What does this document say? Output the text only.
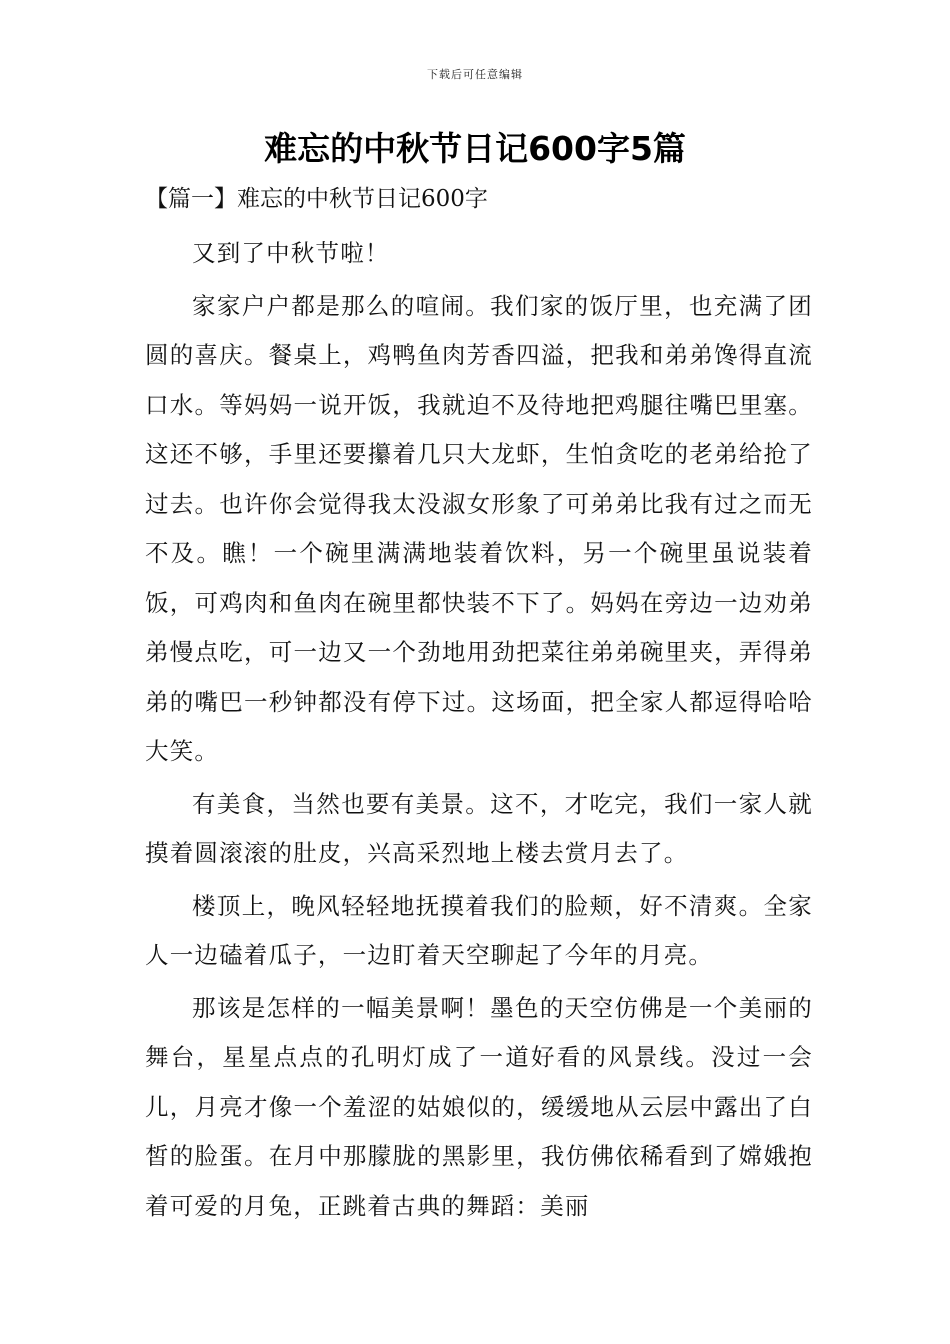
下载后可任意编辑
难忘的中秋节日记600字5篇
【篇一】难忘的中秋节日记600字

又到了中秋节啦！

家家户户都是那么的喧闹。我们家的饭厅里，也充满了团圆的喜庆。餐桌上，鸡鸭鱼肉芳香四溢，把我和弟弟馋得直流口水。等妈妈一说开饭，我就迫不及待地把鸡腿往嘴巴里塞。这还不够，手里还要攥着几只大龙虾，生怕贪吃的老弟给抢了过去。也许你会觉得我太没淑女形象了可弟弟比我有过之而无不及。瞧！一个碗里满满地装着饮料，另一个碗里虽说装着饭，可鸡肉和鱼肉在碗里都快装不下了。妈妈在旁边一边劝弟弟慢点吃，可一边又一个劲地用劲把菜往弟弟碗里夹，弄得弟弟的嘴巴一秒钟都没有停下过。这场面，把全家人都逗得哈哈大笑。

有美食，当然也要有美景。这不，才吃完，我们一家人就摸着圆滚滚的肚皮，兴高采烈地上楼去赏月去了。

楼顶上，晚风轻轻地抚摸着我们的脸颊，好不清爽。全家人一边磕着瓜子，一边盯着天空聊起了今年的月亮。

那该是怎样的一幅美景啊！墨色的天空仿佛是一个美丽的舞台，星星点点的孔明灯成了一道好看的风景线。没过一会儿，月亮才像一个羞涩的姑娘似的，缓缓地从云层中露出了白皙的脸蛋。在月中那朦胧的黑影里，我仿佛依稀看到了嫦娥抱着可爱的月兔，正跳着古典的舞蹈：美丽
